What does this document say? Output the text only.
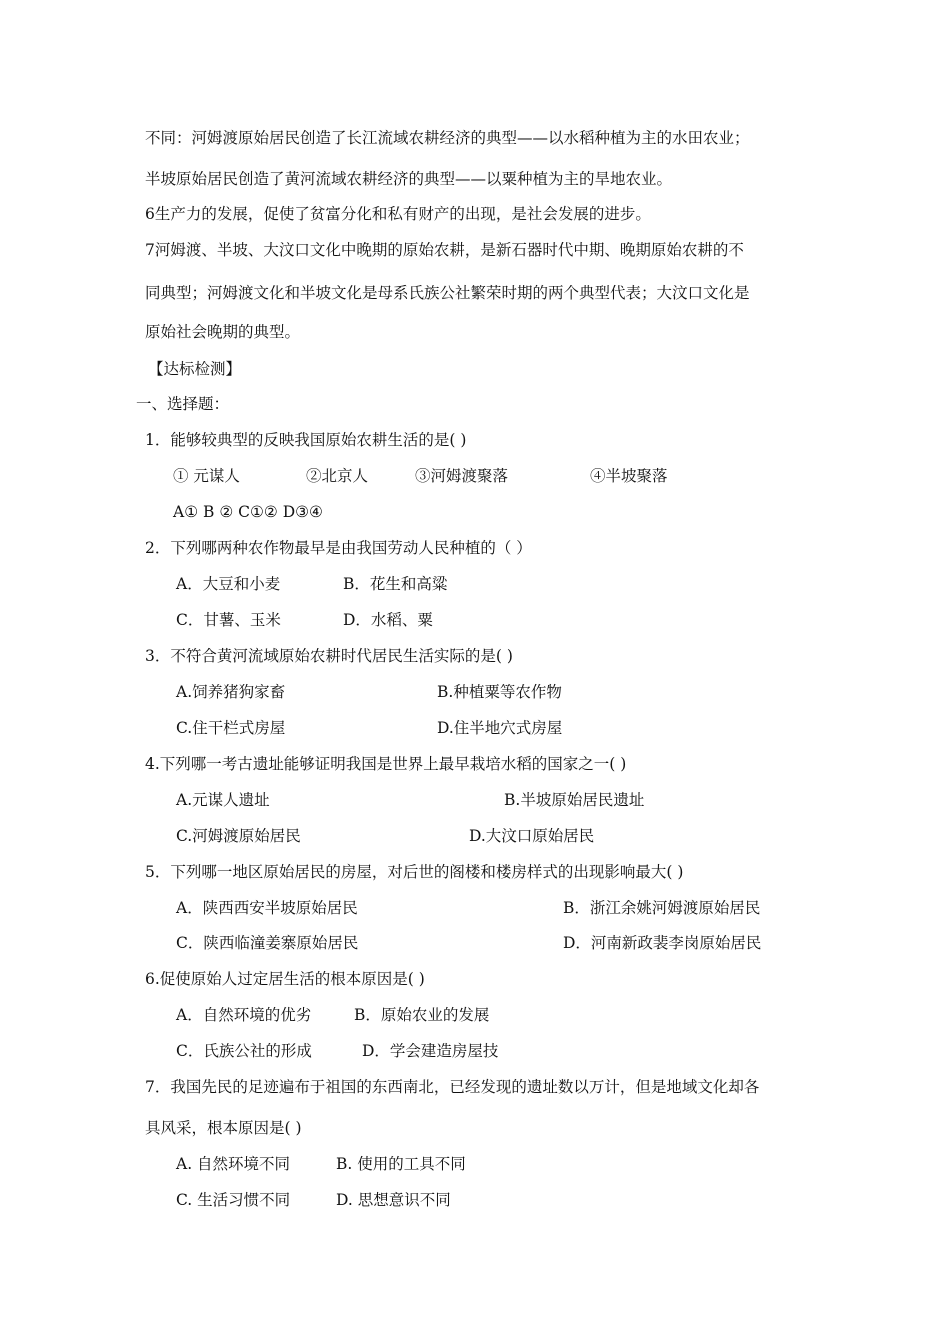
不同：河姆渡原始居民创造了长江流域农耕经济的典型——以水稻种植为主的水田农业；
半坡原始居民创造了黄河流域农耕经济的典型——以粟种植为主的旱地农业。
6生产力的发展，促使了贫富分化和私有财产的出现，是社会发展的进步。
7河姆渡、半坡、大汶口文化中晚期的原始农耕，是新石器时代中期、晚期原始农耕的不
同典型；河姆渡文化和半坡文化是母系氏族公社繁荣时期的两个典型代表；大汶口文化是
原始社会晚期的典型。
【达标检测】
一、选择题：
1．能够较典型的反映我国原始农耕生活的是( )
① 元谋人	②北京人	③河姆渡聚落	④半坡聚落
A① B ② C①② D③④
2．下列哪两种农作物最早是由我国劳动人民种植的（ ）
A．大豆和小麦	B．花生和高粱
C．甘薯、玉米	D．水稻、粟
3．不符合黄河流域原始农耕时代居民生活实际的是( )
A.饲养猪狗家畜	B.种植粟等农作物
C.住干栏式房屋	D.住半地穴式房屋
4.下列哪一考古遗址能够证明我国是世界上最早栽培水稻的国家之一( )
A.元谋人遗址	B.半坡原始居民遗址
C.河姆渡原始居民	D.大汶口原始居民
5．下列哪一地区原始居民的房屋，对后世的阁楼和楼房样式的出现影响最大( )
A．陕西西安半坡原始居民	B．浙江余姚河姆渡原始居民
C．陕西临潼姜寨原始居民	D．河南新政裴李岗原始居民
6.促使原始人过定居生活的根本原因是( )
A．自然环境的优劣	B．原始农业的发展
C．氏族公社的形成	D．学会建造房屋技
7．我国先民的足迹遍布于祖国的东西南北，已经发现的遗址数以万计，但是地域文化却各
具风采，根本原因是( )
A. 自然环境不同	B. 使用的工具不同
C. 生活习惯不同	D. 思想意识不同
